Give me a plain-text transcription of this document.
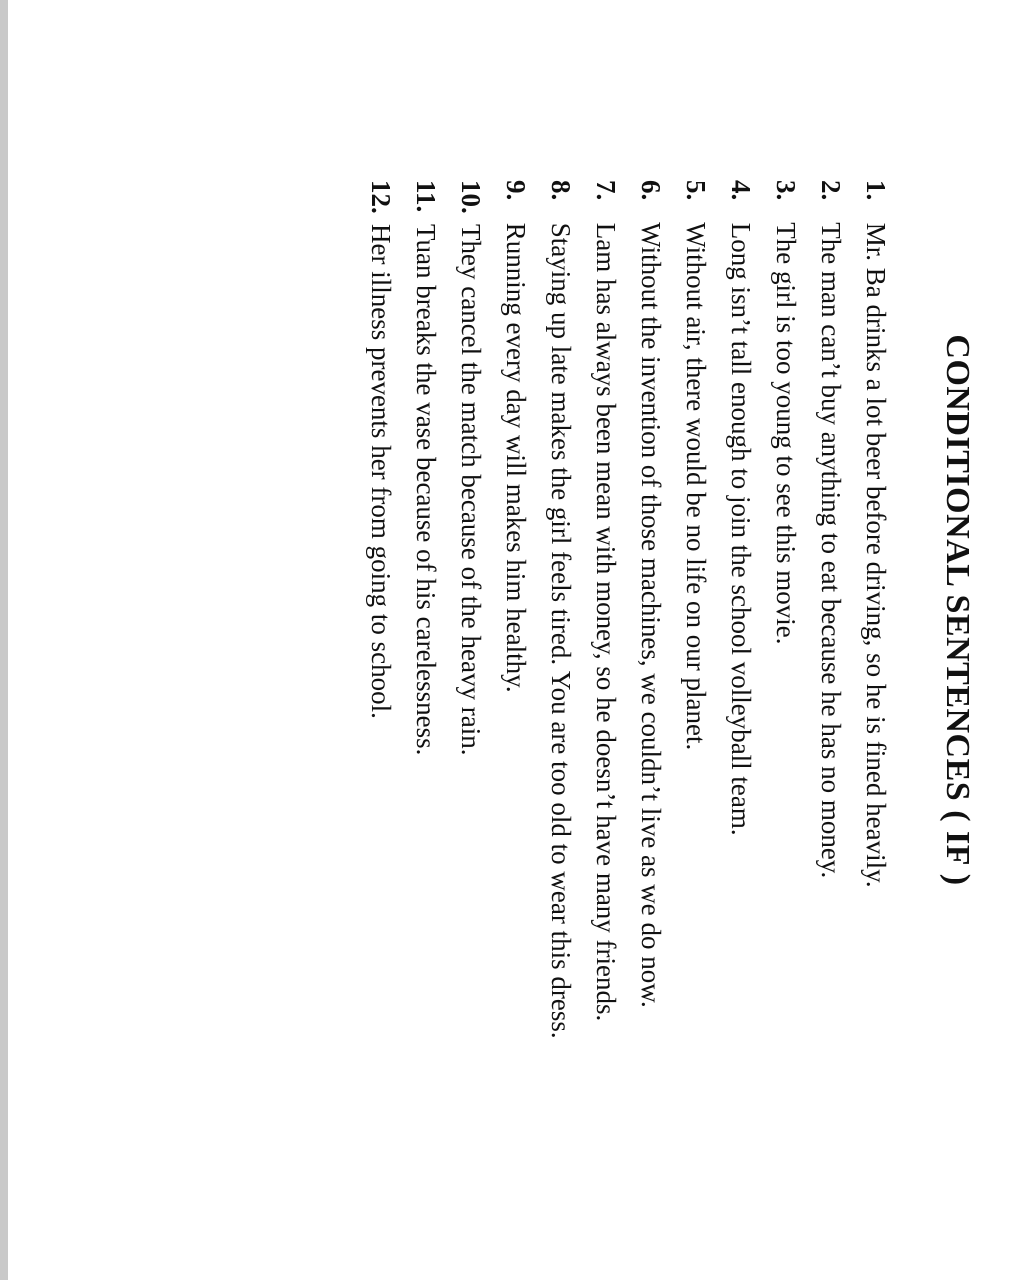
CONDITIONAL SENTENCES ( IF )
1. Mr. Ba drinks a lot beer before driving, so he is fined heavily.
2. The man can’t buy anything to eat because he has no money.
3. The girl is too young to see this movie.
4. Long isn’t tall enough to join the school volleyball team.
5. Without air, there would be no life on our planet.
6. Without the invention of those machines, we couldn’t live as we do now.
7. Lam has always been mean with money, so he doesn’t have many friends.
8. Staying up late makes the girl feels tired. You are too old to wear this dress.
9. Running every day will makes him healthy.
10.They cancel the match because of the heavy rain.
11.Tuan breaks the vase because of his carelessness.
12.Her illness prevents her from going to school.
